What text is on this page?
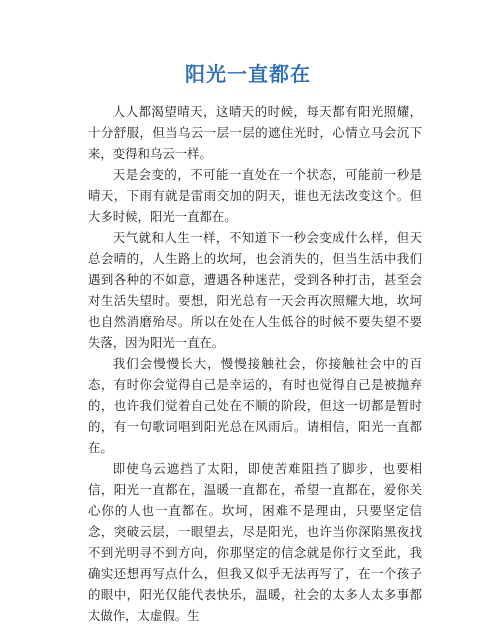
阳光一直都在

人人都渴望晴天，这晴天的时候，每天都有阳光照耀，十分舒服，但当乌云一层一层的遮住光时，心情立马会沉下来，变得和乌云一样。

天是会变的，不可能一直处在一个状态，可能前一秒是晴天，下雨有就是雷雨交加的阴天，谁也无法改变这个。但大多时候，阳光一直都在。

天气就和人生一样，不知道下一秒会变成什么样，但天总会晴的，人生路上的坎坷，也会消失的，但当生活中我们遇到各种的不如意，遭遇各种迷茫，受到各种打击，甚至会对生活失望时。要想，阳光总有一天会再次照耀大地，坎坷也自然消磨殆尽。所以在处在人生低谷的时候不要失望不要失落，因为阳光一直在。

我们会慢慢长大，慢慢接触社会，你接触社会中的百态，有时你会觉得自己是幸运的，有时也觉得自己是被抛弃的，也许我们觉着自己处在不顺的阶段，但这一切都是暂时的，有一句歌词唱到阳光总在风雨后。请相信，阳光一直都在。

即使乌云遮挡了太阳，即使苦难阻挡了脚步，也要相信，阳光一直都在，温暖一直都在，希望一直都在，爱你关心你的人也一直都在。坎坷，困难不是理由，只要坚定信念，突破云层，一眼望去，尽是阳光，也许当你深陷黑夜找不到光明寻不到方向，你那坚定的信念就是你行文至此，我确实还想再写点什么，但我又似乎无法再写了，在一个孩子的眼中，阳光仅能代表快乐，温暖，社会的太多人太多事都太做作，太虚假。生
